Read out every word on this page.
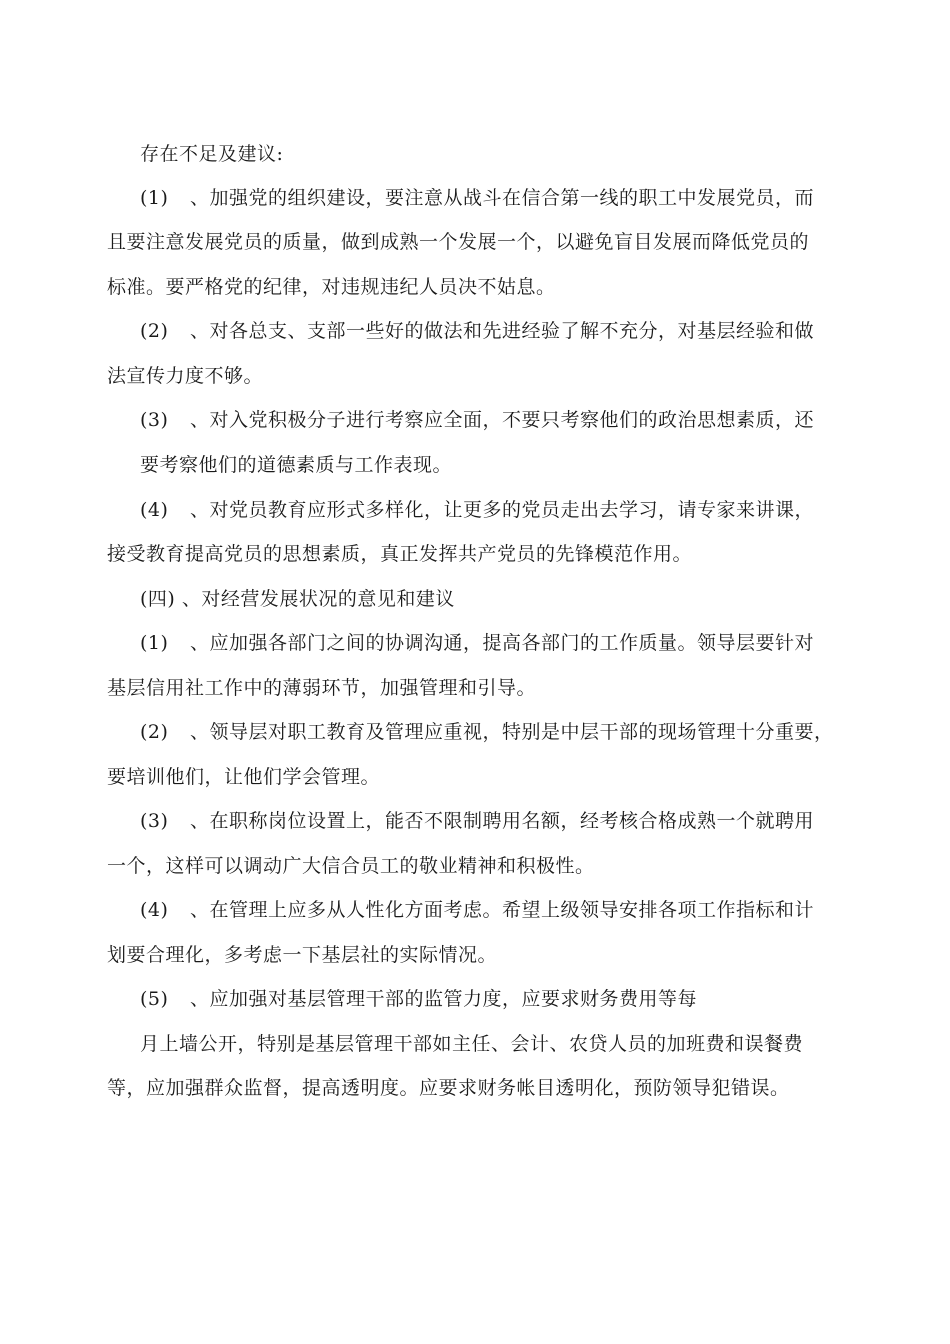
存在不足及建议:
(1) 、加强党的组织建设，要注意从战斗在信合第一线的职工中发展党员，而
且要注意发展党员的质量，做到成熟一个发展一个，以避免盲目发展而降低党员的
标准。要严格党的纪律，对违规违纪人员决不姑息。
(2) 、对各总支、支部一些好的做法和先进经验了解不充分，对基层经验和做
法宣传力度不够。
(3) 、对入党积极分子进行考察应全面，不要只考察他们的政治思想素质，还
要考察他们的道德素质与工作表现。
(4) 、对党员教育应形式多样化，让更多的党员走出去学习，请专家来讲课，
接受教育提高党员的思想素质，真正发挥共产党员的先锋模范作用。
(四) 、对经营发展状况的意见和建议
(1) 、应加强各部门之间的协调沟通，提高各部门的工作质量。领导层要针对
基层信用社工作中的薄弱环节，加强管理和引导。
(2) 、领导层对职工教育及管理应重视，特别是中层干部的现场管理十分重要，
要培训他们，让他们学会管理。
(3) 、在职称岗位设置上，能否不限制聘用名额，经考核合格成熟一个就聘用
一个，这样可以调动广大信合员工的敬业精神和积极性。
(4) 、在管理上应多从人性化方面考虑。希望上级领导安排各项工作指标和计
划要合理化，多考虑一下基层社的实际情况。
(5) 、应加强对基层管理干部的监管力度，应要求财务费用等每
月上墙公开，特别是基层管理干部如主任、会计、农贷人员的加班费和误餐费
等，应加强群众监督，提高透明度。应要求财务帐目透明化，预防领导犯错误。
